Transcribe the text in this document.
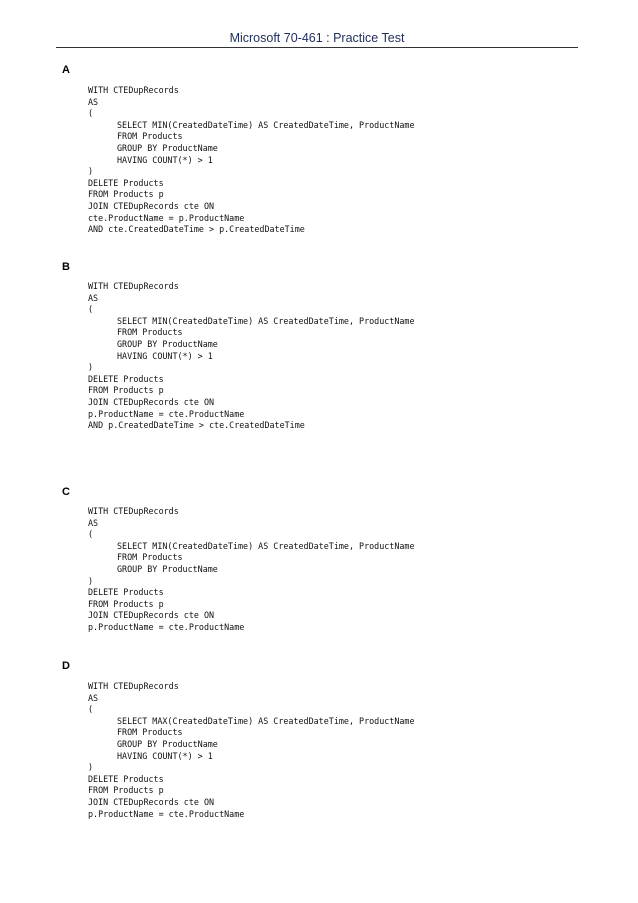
Microsoft 70-461 : Practice Test
A
WITH CTEDupRecords
AS
(
SELECT MIN(CreatedDateTime) AS CreatedDateTime, ProductName
FROM Products
GROUP BY ProductName
HAVING COUNT(*) > 1
)
DELETE Products
FROM Products p
JOIN CTEDupRecords cte ON
cte.ProductName = p.ProductName
AND cte.CreatedDateTime > p.CreatedDateTime
B
WITH CTEDupRecords
AS
(
SELECT MIN(CreatedDateTime) AS CreatedDateTime, ProductName
FROM Products
GROUP BY ProductName
HAVING COUNT(*) > 1
)
DELETE Products
FROM Products p
JOIN CTEDupRecords cte ON
p.ProductName = cte.ProductName
AND p.CreatedDateTime > cte.CreatedDateTime
C
WITH CTEDupRecords
AS
(
SELECT MIN(CreatedDateTime) AS CreatedDateTime, ProductName
FROM Products
GROUP BY ProductName
)
DELETE Products
FROM Products p
JOIN CTEDupRecords cte ON
p.ProductName = cte.ProductName
D
WITH CTEDupRecords
AS
(
SELECT MAX(CreatedDateTime) AS CreatedDateTime, ProductName
FROM Products
GROUP BY ProductName
HAVING COUNT(*) > 1
)
DELETE Products
FROM Products p
JOIN CTEDupRecords cte ON
p.ProductName = cte.ProductName
